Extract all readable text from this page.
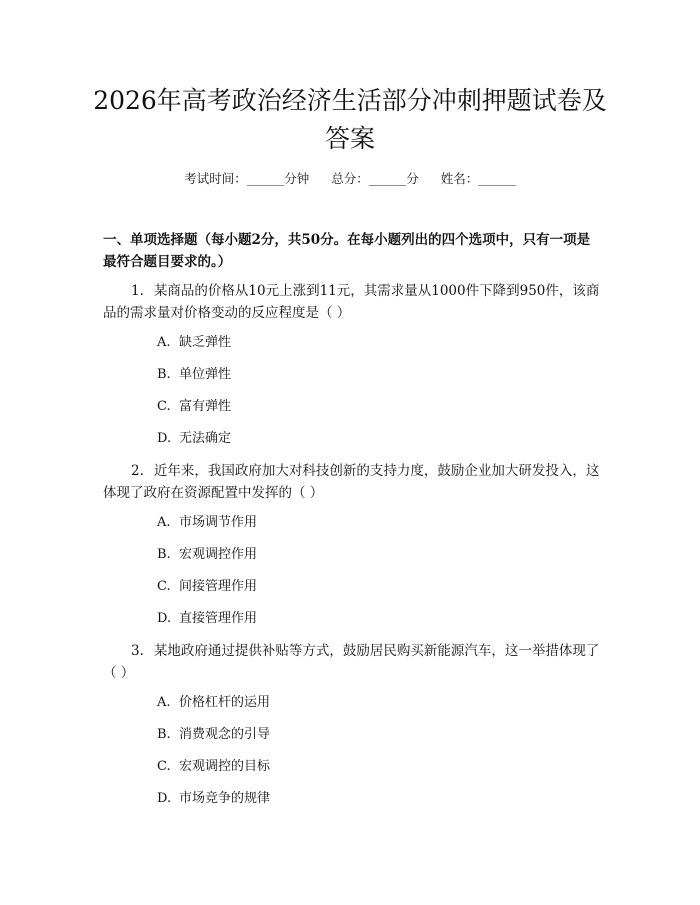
2026年高考政治经济生活部分冲刺押题试卷及答案
考试时间：______分钟 总分：______分 姓名：______

一、单项选择题（每小题2分，共50分。在每小题列出的四个选项中，只有一项是最符合题目要求的。）

1. 某商品的价格从10元上涨到11元，其需求量从1000件下降到950件，该商品的需求量对价格变动的反应程度是（ ）

A. 缺乏弹性
B. 单位弹性
C. 富有弹性
D. 无法确定

2. 近年来，我国政府加大对科技创新的支持力度，鼓励企业加大研发投入，这体现了政府在资源配置中发挥的（ ）

A. 市场调节作用
B. 宏观调控作用
C. 间接管理作用
D. 直接管理作用

3. 某地政府通过提供补贴等方式，鼓励居民购买新能源汽车，这一举措体现了（ ）

A. 价格杠杆的运用
B. 消费观念的引导
C. 宏观调控的目标
D. 市场竞争的规律
